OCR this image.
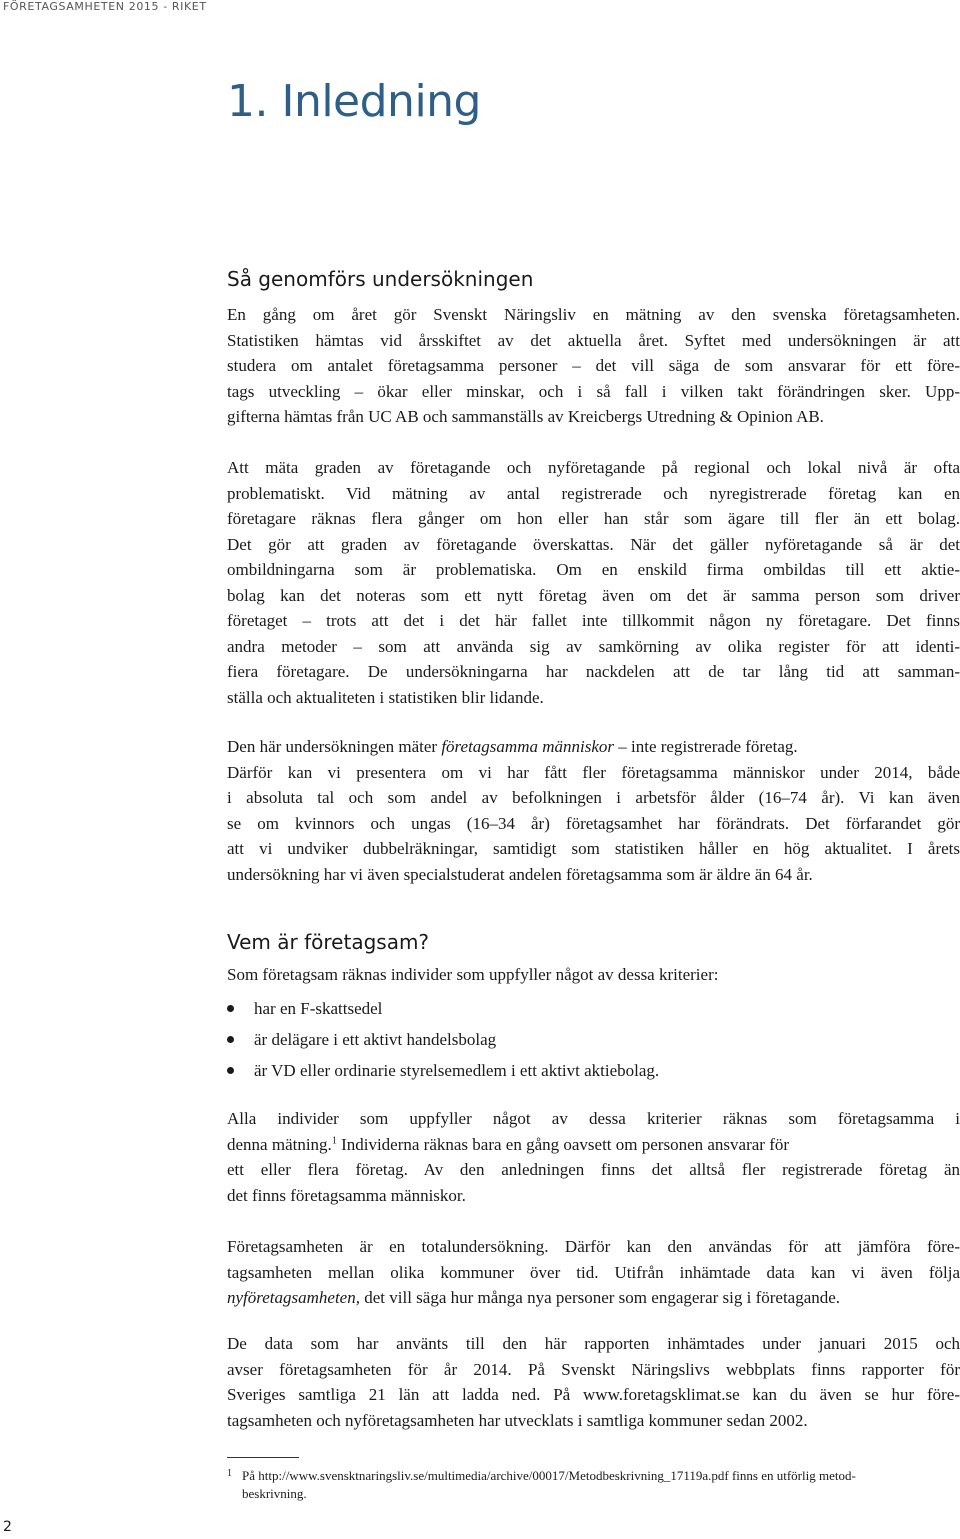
FÖRETAGSAMHETEN 2015 - RIKET
1. Inledning
Så genomförs undersökningen

En gång om året gör Svenskt Näringsliv en mätning av den svenska företagsamheten.
Statistiken hämtas vid årsskiftet av det aktuella året. Syftet med undersökningen är att
studera om antalet företagsamma personer – det vill säga de som ansvarar för ett före-
tags utveckling – ökar eller minskar, och i så fall i vilken takt förändringen sker. Upp-
gifterna hämtas från UC AB och sammanställs av Kreicbergs Utredning & Opinion AB.

Att mäta graden av företagande och nyföretagande på regional och lokal nivå är ofta
problematiskt. Vid mätning av antal registrerade och nyregistrerade företag kan en
företagare räknas flera gånger om hon eller han står som ägare till fler än ett bolag.
Det gör att graden av företagande överskattas. När det gäller nyföretagande så är det
ombildningarna som är problematiska. Om en enskild firma ombildas till ett aktie-
bolag kan det noteras som ett nytt företag även om det är samma person som driver
företaget – trots att det i det här fallet inte tillkommit någon ny företagare. Det finns
andra metoder – som att använda sig av samkörning av olika register för att identi-
fiera företagare. De undersökningarna har nackdelen att de tar lång tid att samman-
ställa och aktualiteten i statistiken blir lidande.

Den här undersökningen mäter företagsamma människor – inte registrerade företag.
Därför kan vi presentera om vi har fått fler företagsamma människor under 2014, både
i absoluta tal och som andel av befolkningen i arbetsför ålder (16–74 år). Vi kan även
se om kvinnors och ungas (16–34 år) företagsamhet har förändrats. Det förfarandet gör
att vi undviker dubbelräkningar, samtidigt som statistiken håller en hög aktualitet. I årets
undersökning har vi även specialstuderat andelen företagsamma som är äldre än 64 år.

Vem är företagsam?

Som företagsam räknas individer som uppfyller något av dessa kriterier:

har en F-skattsedel
är delägare i ett aktivt handelsbolag
är VD eller ordinarie styrelsemedlem i ett aktivt aktiebolag.

Alla individer som uppfyller något av dessa kriterier räknas som företagsamma i
denna mätning.$^1$ Individerna räknas bara en gång oavsett om personen ansvarar för
ett eller flera företag. Av den anledningen finns det alltså fler registrerade företag än
det finns företagsamma människor.

Företagsamheten är en totalundersökning. Därför kan den användas för att jämföra före-
tagsamheten mellan olika kommuner över tid. Utifrån inhämtade data kan vi även följa
nyföretagsamheten, det vill säga hur många nya personer som engagerar sig i företagande.

De data som har använts till den här rapporten inhämtades under januari 2015 och
avser företagsamheten för år 2014. På Svenskt Näringslivs webbplats finns rapporter för
Sveriges samtliga 21 län att ladda ned. På www.foretagsklimat.se kan du även se hur före-
tagsamheten och nyföretagsamheten har utvecklats i samtliga kommuner sedan 2002.

1 På http://www.svensktnaringsliv.se/multimedia/archive/00017/Metodbeskrivning_17119a.pdf finns en utförlig metod-
beskrivning.

2
